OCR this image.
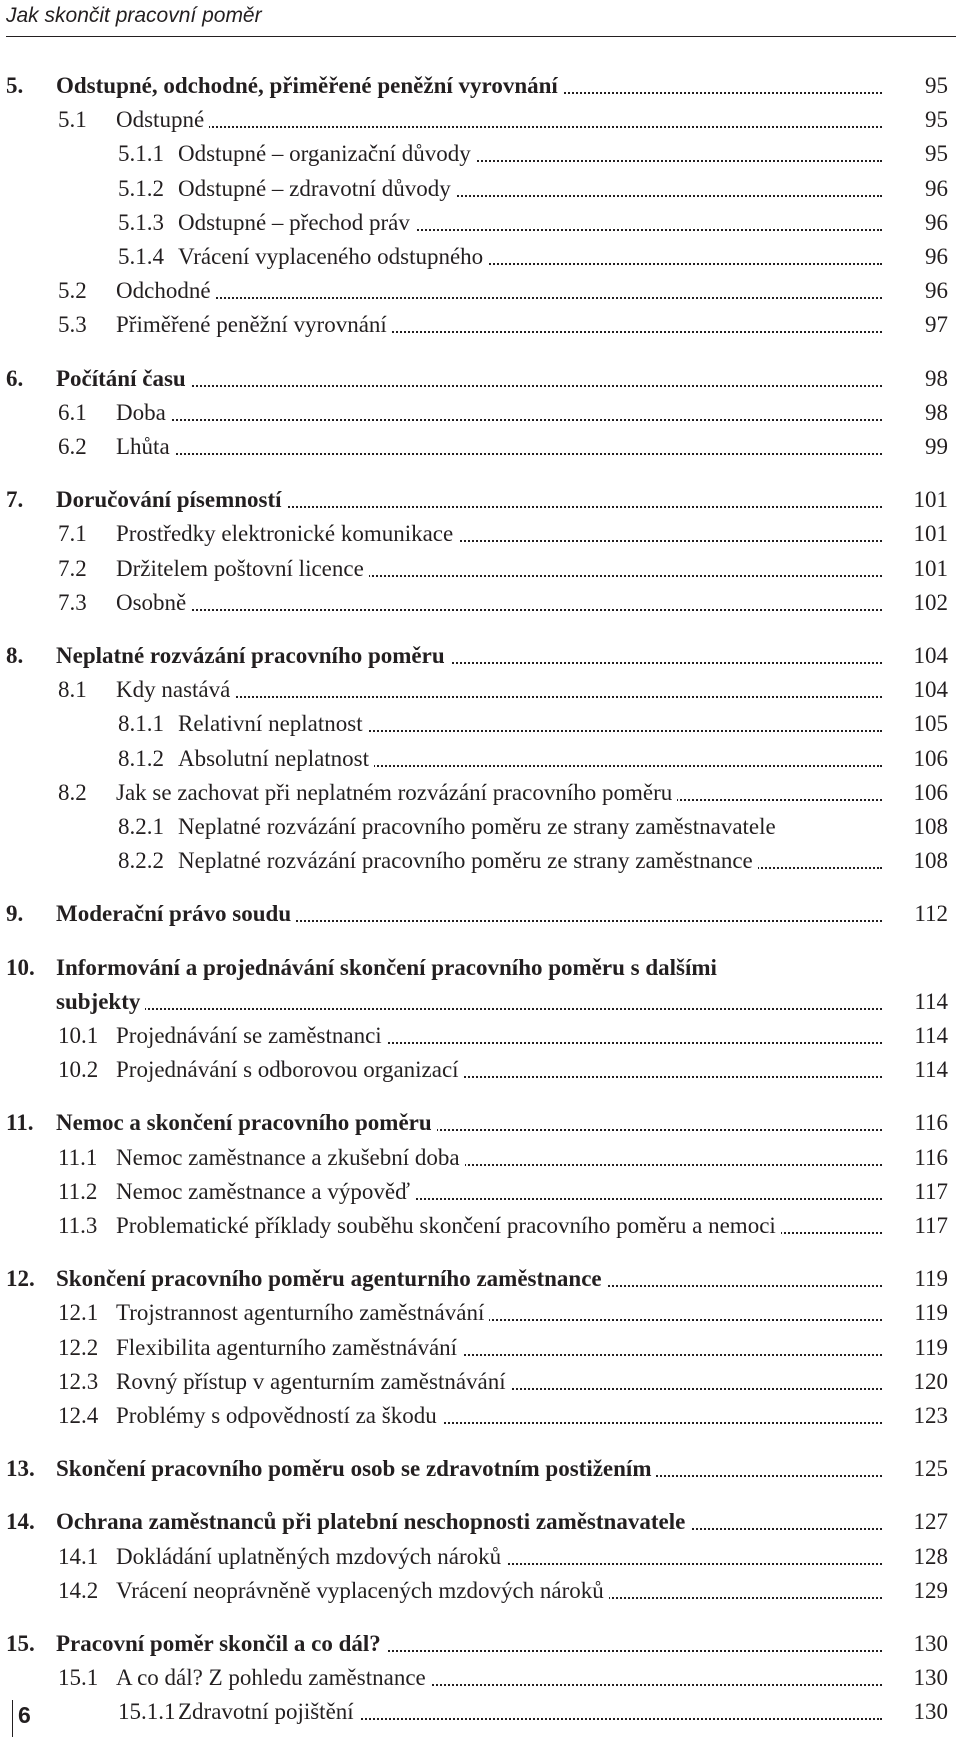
Jak skončit pracovní poměr
5. Odstupné, odchodné, přiměřené peněžní vyrovnání	95
5.1 Odstupné	95
5.1.1 Odstupné – organizační důvody	95
5.1.2 Odstupné – zdravotní důvody	96
5.1.3 Odstupné – přechod práv	96
5.1.4 Vrácení vyplaceného odstupného	96
5.2 Odchodné	96
5.3 Přiměřené peněžní vyrovnání	97
6. Počítání času	98
6.1 Doba	98
6.2 Lhůta	99
7. Doručování písemností	101
7.1 Prostředky elektronické komunikace	101
7.2 Držitelem poštovní licence	101
7.3 Osobně	102
8. Neplatné rozvázání pracovního poměru	104
8.1 Kdy nastává	104
8.1.1 Relativní neplatnost	105
8.1.2 Absolutní neplatnost	106
8.2 Jak se zachovat při neplatném rozvázání pracovního poměru	106
8.2.1 Neplatné rozvázání pracovního poměru ze strany zaměstnavatele	108
8.2.2 Neplatné rozvázání pracovního poměru ze strany zaměstnance	108
9. Moderační právo soudu	112
10. Informování a projednávání skončení pracovního poměru s dalšími
subjekty	114
10.1 Projednávání se zaměstnanci	114
10.2 Projednávání s odborovou organizací	114
11. Nemoc a skončení pracovního poměru	116
11.1 Nemoc zaměstnance a zkušební doba	116
11.2 Nemoc zaměstnance a výpověď	117
11.3 Problematické příklady souběhu skončení pracovního poměru a nemoci	117
12. Skončení pracovního poměru agenturního zaměstnance	119
12.1 Trojstrannost agenturního zaměstnávání	119
12.2 Flexibilita agenturního zaměstnávání	119
12.3 Rovný přístup v agenturním zaměstnávání	120
12.4 Problémy s odpovědností za škodu	123
13. Skončení pracovního poměru osob se zdravotním postižením	125
14. Ochrana zaměstnanců při platební neschopnosti zaměstnavatele	127
14.1 Dokládání uplatněných mzdových nároků	128
14.2 Vrácení neoprávněně vyplacených mzdových nároků	129
15. Pracovní poměr skončil a co dál?	130
15.1 A co dál? Z pohledu zaměstnance	130
15.1.1 Zdravotní pojištění	130
6
